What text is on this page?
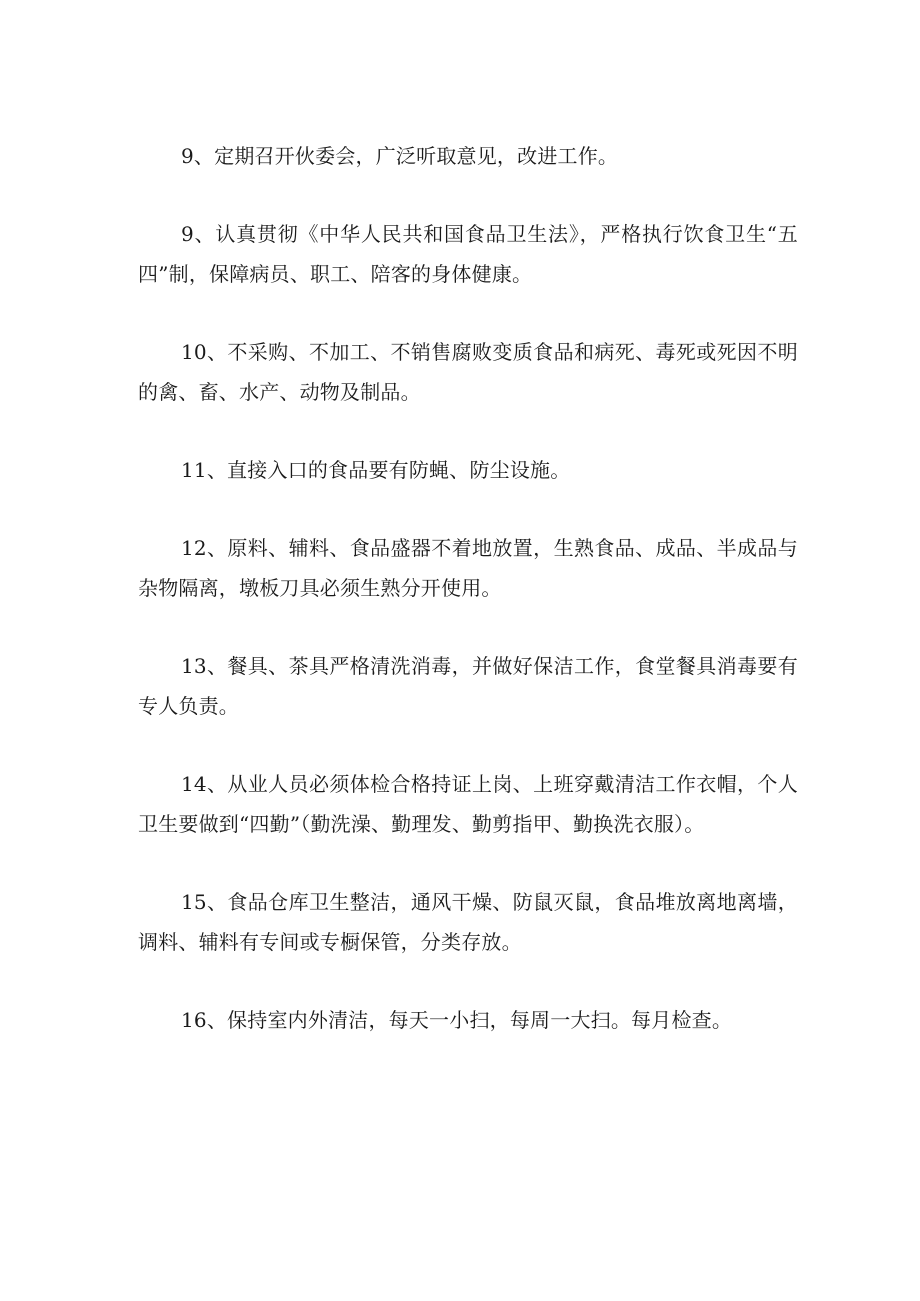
9、定期召开伙委会，广泛听取意见，改进工作。

9、认真贯彻《中华人民共和国食品卫生法》，严格执行饮食卫生“五四”制，保障病员、职工、陪客的身体健康。

10、不采购、不加工、不销售腐败变质食品和病死、毒死或死因不明的禽、畜、水产、动物及制品。

11、直接入口的食品要有防蝇、防尘设施。

12、原料、辅料、食品盛器不着地放置，生熟食品、成品、半成品与杂物隔离，墩板刀具必须生熟分开使用。

13、餐具、茶具严格清洗消毒，并做好保洁工作，食堂餐具消毒要有专人负责。

14、从业人员必须体检合格持证上岗、上班穿戴清洁工作衣帽，个人卫生要做到“四勤”（勤洗澡、勤理发、勤剪指甲、勤换洗衣服）。

15、食品仓库卫生整洁，通风干燥、防鼠灭鼠，食品堆放离地离墙，调料、辅料有专间或专橱保管，分类存放。

16、保持室内外清洁，每天一小扫，每周一大扫。每月检查。
